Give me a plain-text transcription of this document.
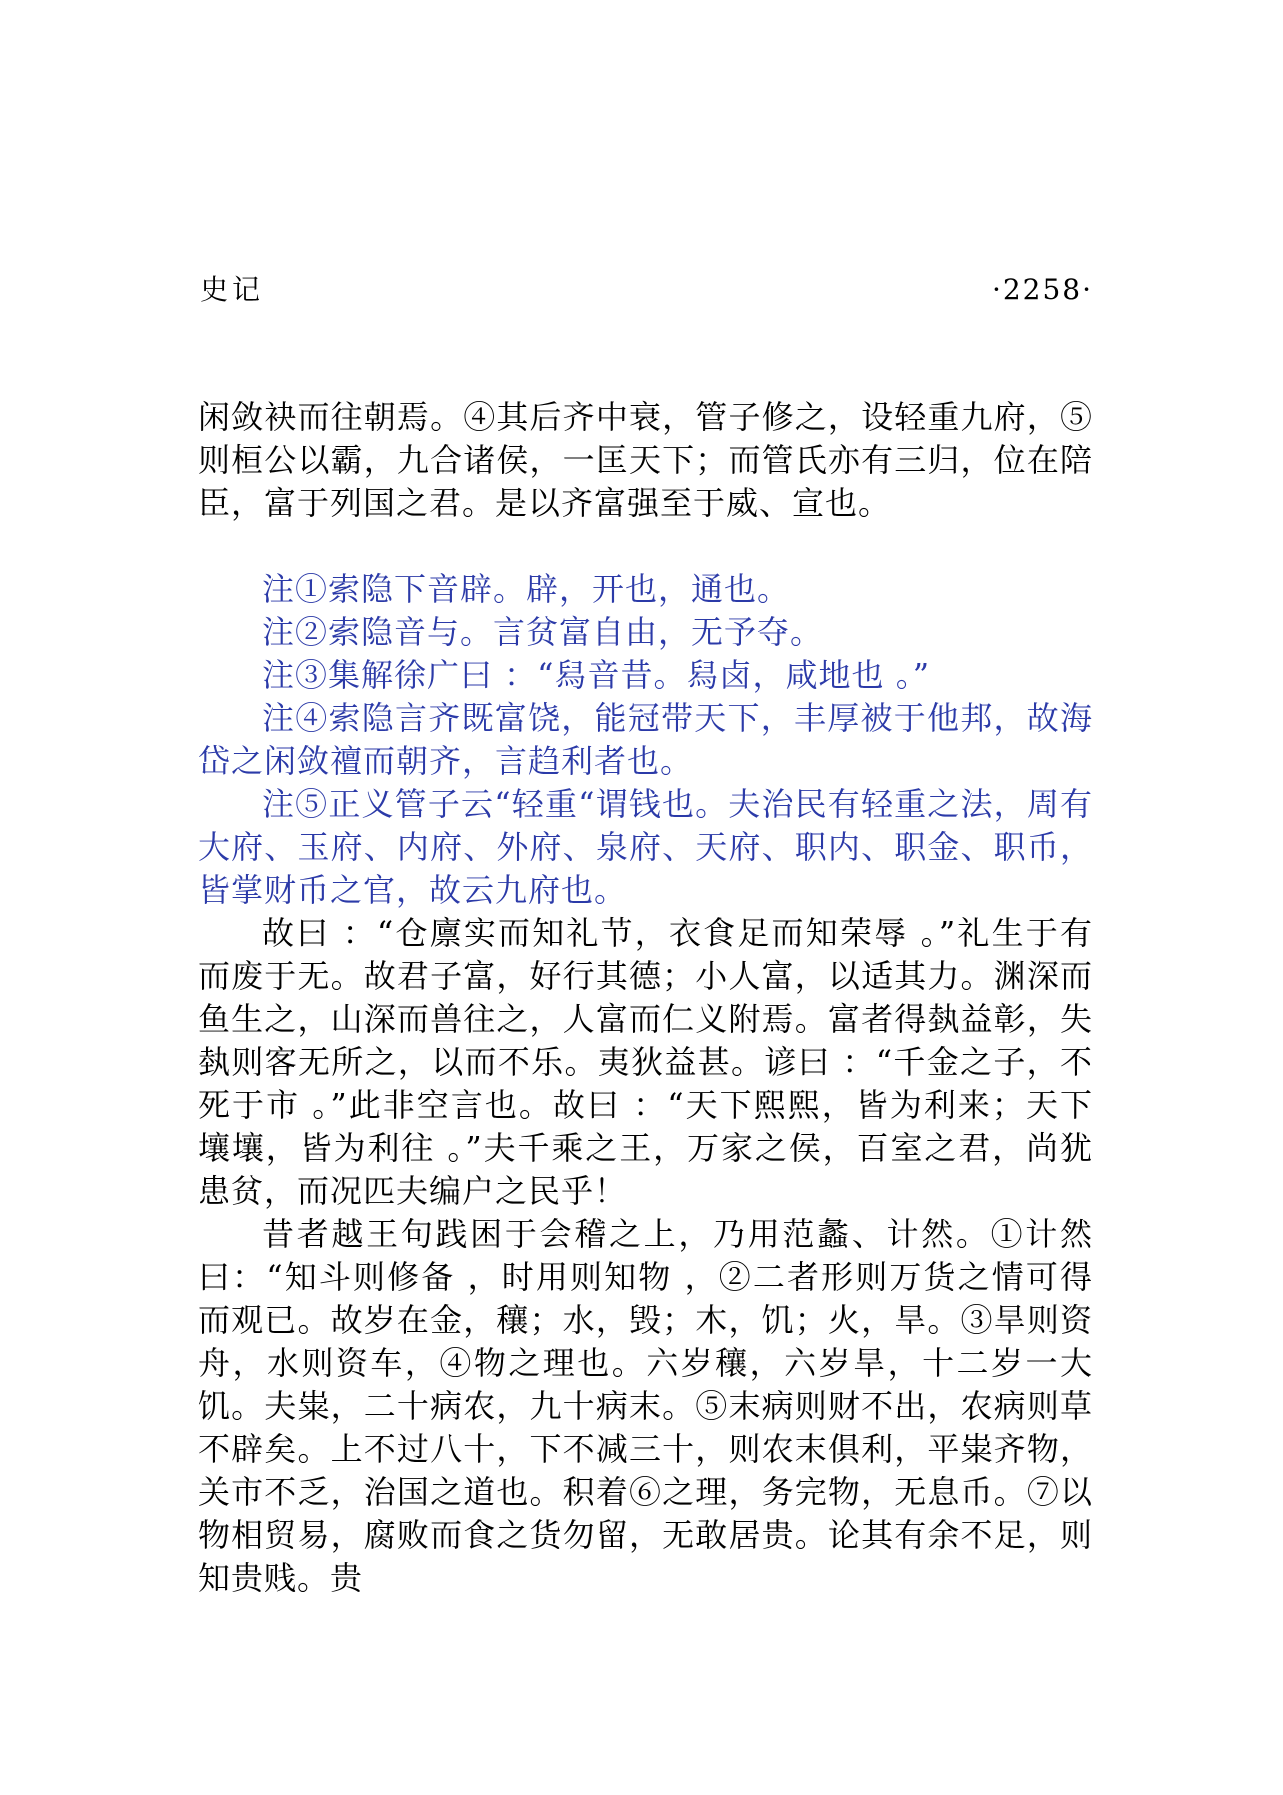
史记	·2258·

闲敛袂而往朝焉。④其后齐中衰，管子修之，设轻重九府，⑤则桓公以霸，九合诸侯，一匡天下；而管氏亦有三归，位在陪臣，富于列国之君。是以齐富强至于威、宣也。

注①索隐下音辟。辟，开也，通也。

注②索隐音与。言贫富自由，无予夺。

注③集解徐广曰 ：“舄音昔。舄卤，咸地也 。”

注④索隐言齐既富饶，能冠带天下，丰厚被于他邦，故海岱之闲敛䄠而朝齐，言趋利者也。

注⑤正义管子云“轻重“谓钱也。夫治民有轻重之法，周有大府、玉府、内府、外府、泉府、天府、职内、职金、职币，皆掌财币之官，故云九府也。

故曰 ：“仓廪实而知礼节，衣食足而知荣辱 。”礼生于有而废于无。故君子富，好行其德；小人富，以适其力。渊深而鱼生之，山深而兽往之，人富而仁义附焉。富者得埶益彰，失埶则客无所之，以而不乐。夷狄益甚。谚曰 ：“千金之子，不死于市 。”此非空言也。故曰 ：“天下熙熙，皆为利来；天下壤壤，皆为利往 。”夫千乘之王，万家之侯，百室之君，尚犹患贫，而况匹夫编户之民乎！

昔者越王句践困于会稽之上，乃用范蠡、计然。①计然曰：“知斗则修备 ，时用则知物 ，②二者形则万货之情可得而观已。故岁在金，穰；水，毁；木，饥；火，旱。③旱则资舟，水则资车，④物之理也。六岁穰，六岁旱，十二岁一大饥。夫粜，二十病农，九十病末。⑤末病则财不出，农病则草不辟矣。上不过八十，下不减三十，则农末俱利，平粜齐物，关市不乏，治国之道也。积着⑥之理，务完物，无息币。⑦以物相贸易，腐败而食之货勿留，无敢居贵。论其有余不足，则知贵贱。贵
